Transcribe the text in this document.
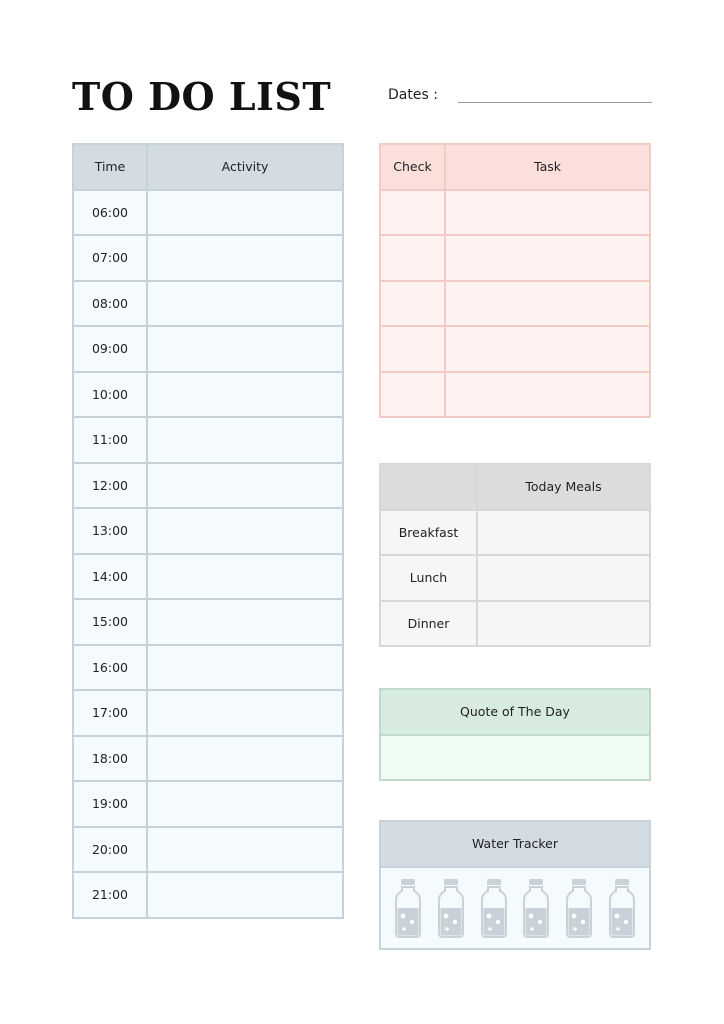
TO DO LIST	Dates :
Time	Activity
06:00	
07:00	
08:00	
09:00	
10:00	
11:00	
12:00	
13:00	
14:00	
15:00	
16:00	
17:00	
18:00	
19:00	
20:00	
21:00	
Check	Task

	Today Meals
Breakfast	
Lunch	
Dinner	
Quote of The Day

Water Tracker
